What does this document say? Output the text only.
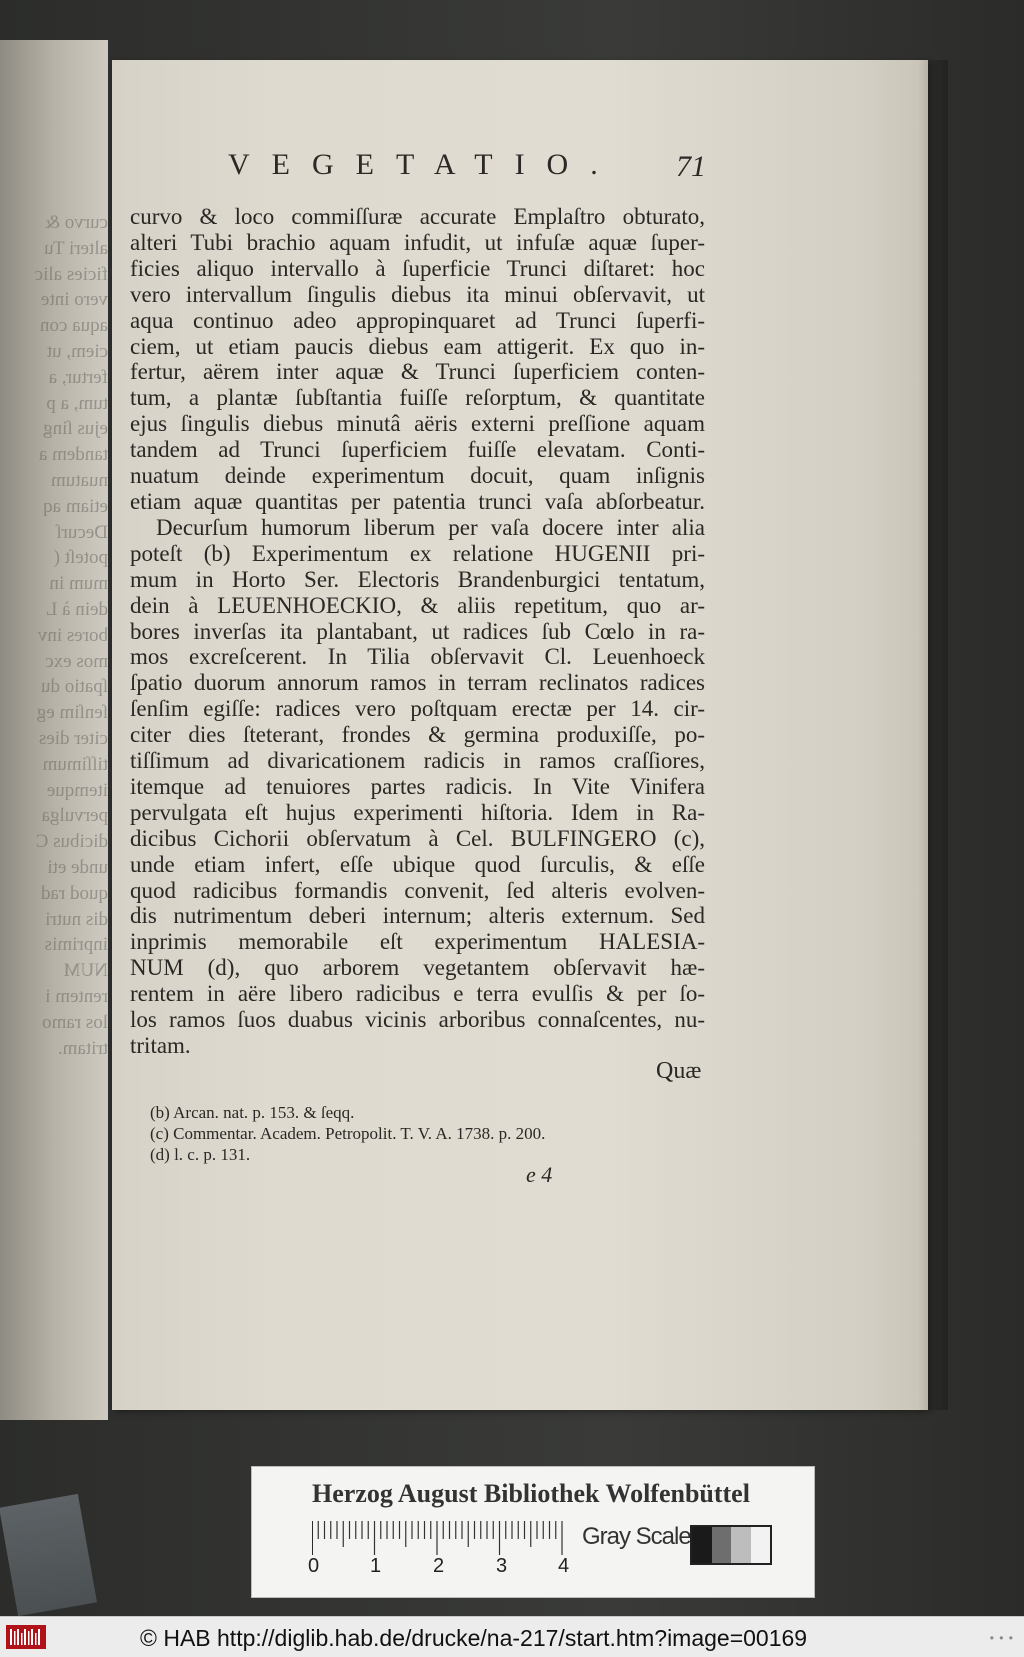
curvo &
alteri Tu
ficies alic
vero inte
aqua con
ciem, ut
fertur, a
tum, a p
ejus ſing
tandem a
nuatum
etiam aq
Decurſ
poteſt (
mum in
dein à L
bores inv
mos exc
ſpatio du
ſenſim eg
citer dies
tiſſimum
itemque
pervulga
dicibus C
unde eti
quod rad
dis nutri
inprimis
NUM
rentem i
los ramo
tritam.
VEGETATIO.	71
curvo & loco commiſſuræ accurate Emplaſtro obturato,
alteri Tubi brachio aquam infudit, ut infuſæ aquæ ſuper-
ficies aliquo intervallo à ſuperficie Trunci diſtaret: hoc
vero intervallum ſingulis diebus ita minui obſervavit, ut
aqua continuo adeo appropinquaret ad Trunci ſuperfi-
ciem, ut etiam paucis diebus eam attigerit. Ex quo in-
fertur, aërem inter aquæ & Trunci ſuperficiem conten-
tum, a plantæ ſubſtantia fuiſſe reſorptum, & quantitate
ejus ſingulis diebus minutâ aëris externi preſſione aquam
tandem ad Trunci ſuperficiem fuiſſe elevatam. Conti-
nuatum deinde experimentum docuit, quam inſignis
etiam aquæ quantitas per patentia trunci vaſa abſorbeatur.
Decurſum humorum liberum per vaſa docere inter alia
poteſt (b) Experimentum ex relatione HUGENII pri-
mum in Horto Ser. Electoris Brandenburgici tentatum,
dein à LEUENHOECKIO, & aliis repetitum, quo ar-
bores inverſas ita plantabant, ut radices ſub Cœlo in ra-
mos excreſcerent. In Tilia obſervavit Cl. Leuenhoeck
ſpatio duorum annorum ramos in terram reclinatos radices
ſenſim egiſſe: radices vero poſtquam erectæ per 14. cir-
citer dies ſteterant, frondes & germina produxiſſe, po-
tiſſimum ad divaricationem radicis in ramos craſſiores,
itemque ad tenuiores partes radicis. In Vite Vinifera
pervulgata eſt hujus experimenti hiſtoria. Idem in Ra-
dicibus Cichorii obſervatum à Cel. BULFINGERO (c),
unde etiam infert, eſſe ubique quod ſurculis, & eſſe
quod radicibus formandis convenit, ſed alteris evolven-
dis nutrimentum deberi internum; alteris externum. Sed
inprimis memorabile eſt experimentum HALESIA-
NUM (d), quo arborem vegetantem obſervavit hæ-
rentem in aëre libero radicibus e terra evulſis & per ſo-
los ramos ſuos duabus vicinis arboribus connaſcentes, nu-
tritam.
Quæ
(b) Arcan. nat. p. 153. & ſeqq.
(c) Commentar. Academ. Petropolit. T. V. A. 1738. p. 200.
(d) l. c. p. 131.
e 4
Herzog August Bibliothek Wolfenbüttel
0	1	2	3	4
Gray Scale
© HAB http://diglib.hab.de/drucke/na-217/start.htm?image=00169	• • •
